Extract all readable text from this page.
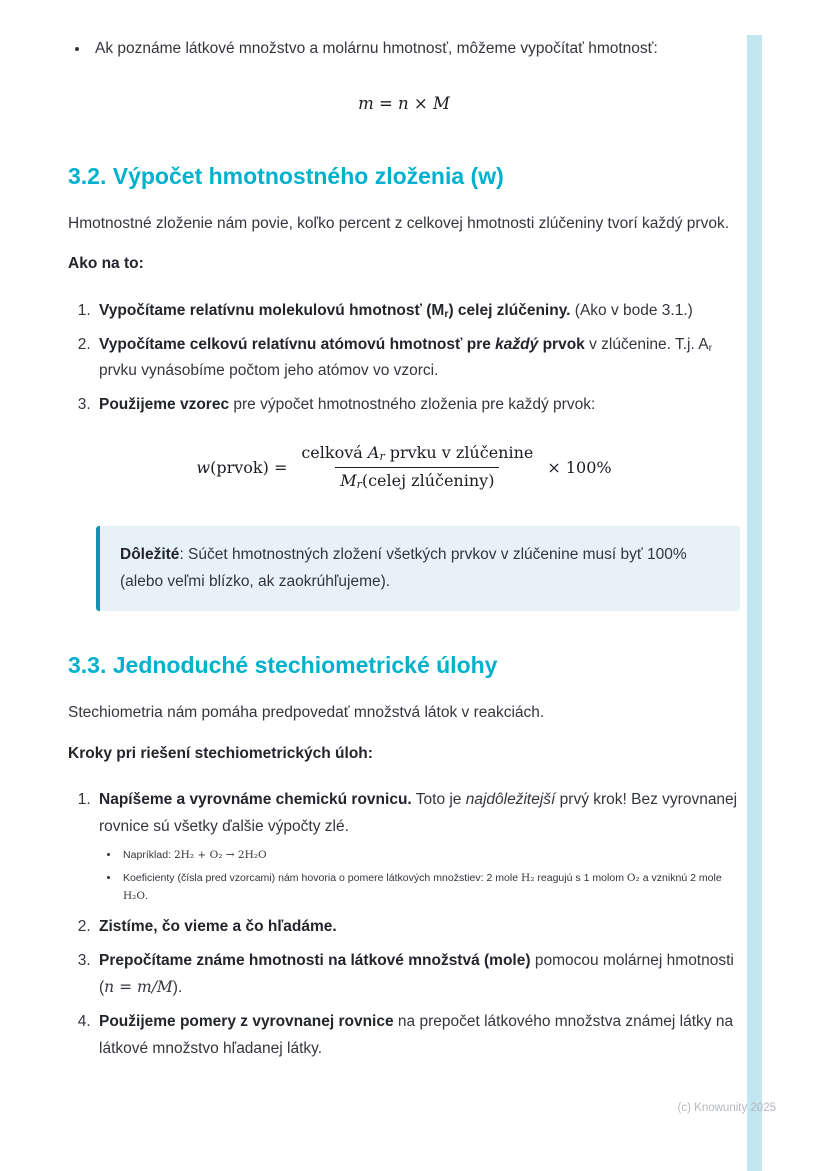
• Ak poznáme látkové množstvo a molárnu hmotnosť, môžeme vypočítať hmotnosť:
m = n × M
3.2. Výpočet hmotnostného zloženia (w)

Hmotnostné zloženie nám povie, koľko percent z celkovej hmotnosti zlúčeniny tvorí každý prvok.

Ako na to:

1. Vypočítame relatívnu molekulovú hmotnosť (Mr) celej zlúčeniny. (Ako v bode 3.1.)
2. Vypočítame celkovú relatívnu atómovú hmotnosť pre každý prvok v zlúčenine. T.j. Ar prvku vynásobíme počtom jeho atómov vo vzorci.
3. Použijeme vzorec pre výpočet hmotnostného zloženia pre každý prvok:
w(prvok) = $\frac{\text{celková Ar prvku v zlúčenine}}{\text{Mr(celej zlúčeniny)}} \times 100\%$

Dôležité: Súčet hmotnostných zložení všetkých prvkov v zlúčenine musí byť 100% (alebo veľmi blízko, ak zaokrúhľujeme).

3.3. Jednoduché stechiometrické úlohy

Stechiometria nám pomáha predpovedať množstvá látok v reakciách.

Kroky pri riešení stechiometrických úloh:

1. Napíšeme a vyrovnáme chemickú rovnicu. Toto je najdôležitejší prvý krok! Bez vyrovnanej rovnice sú všetky ďalšie výpočty zlé.
• Napríklad: 2H₂ + O₂ → 2H₂O
• Koeficienty (čísla pred vzorcami) nám hovoria o pomere látkových množstiev: 2 mole H₂ reagujú s 1 molom O₂ a vzniknú 2 mole H₂O.
2. Zistíme, čo vieme a čo hľadáme.
3. Prepočítame známe hmotnosti na látkové množstvá (mole) pomocou molárnej hmotnosti (n = m/M).
4. Použijeme pomery z vyrovnanej rovnice na prepočet látkového množstva známej látky na látkové množstvo hľadanej látky.
(c) Knowunity 2025
